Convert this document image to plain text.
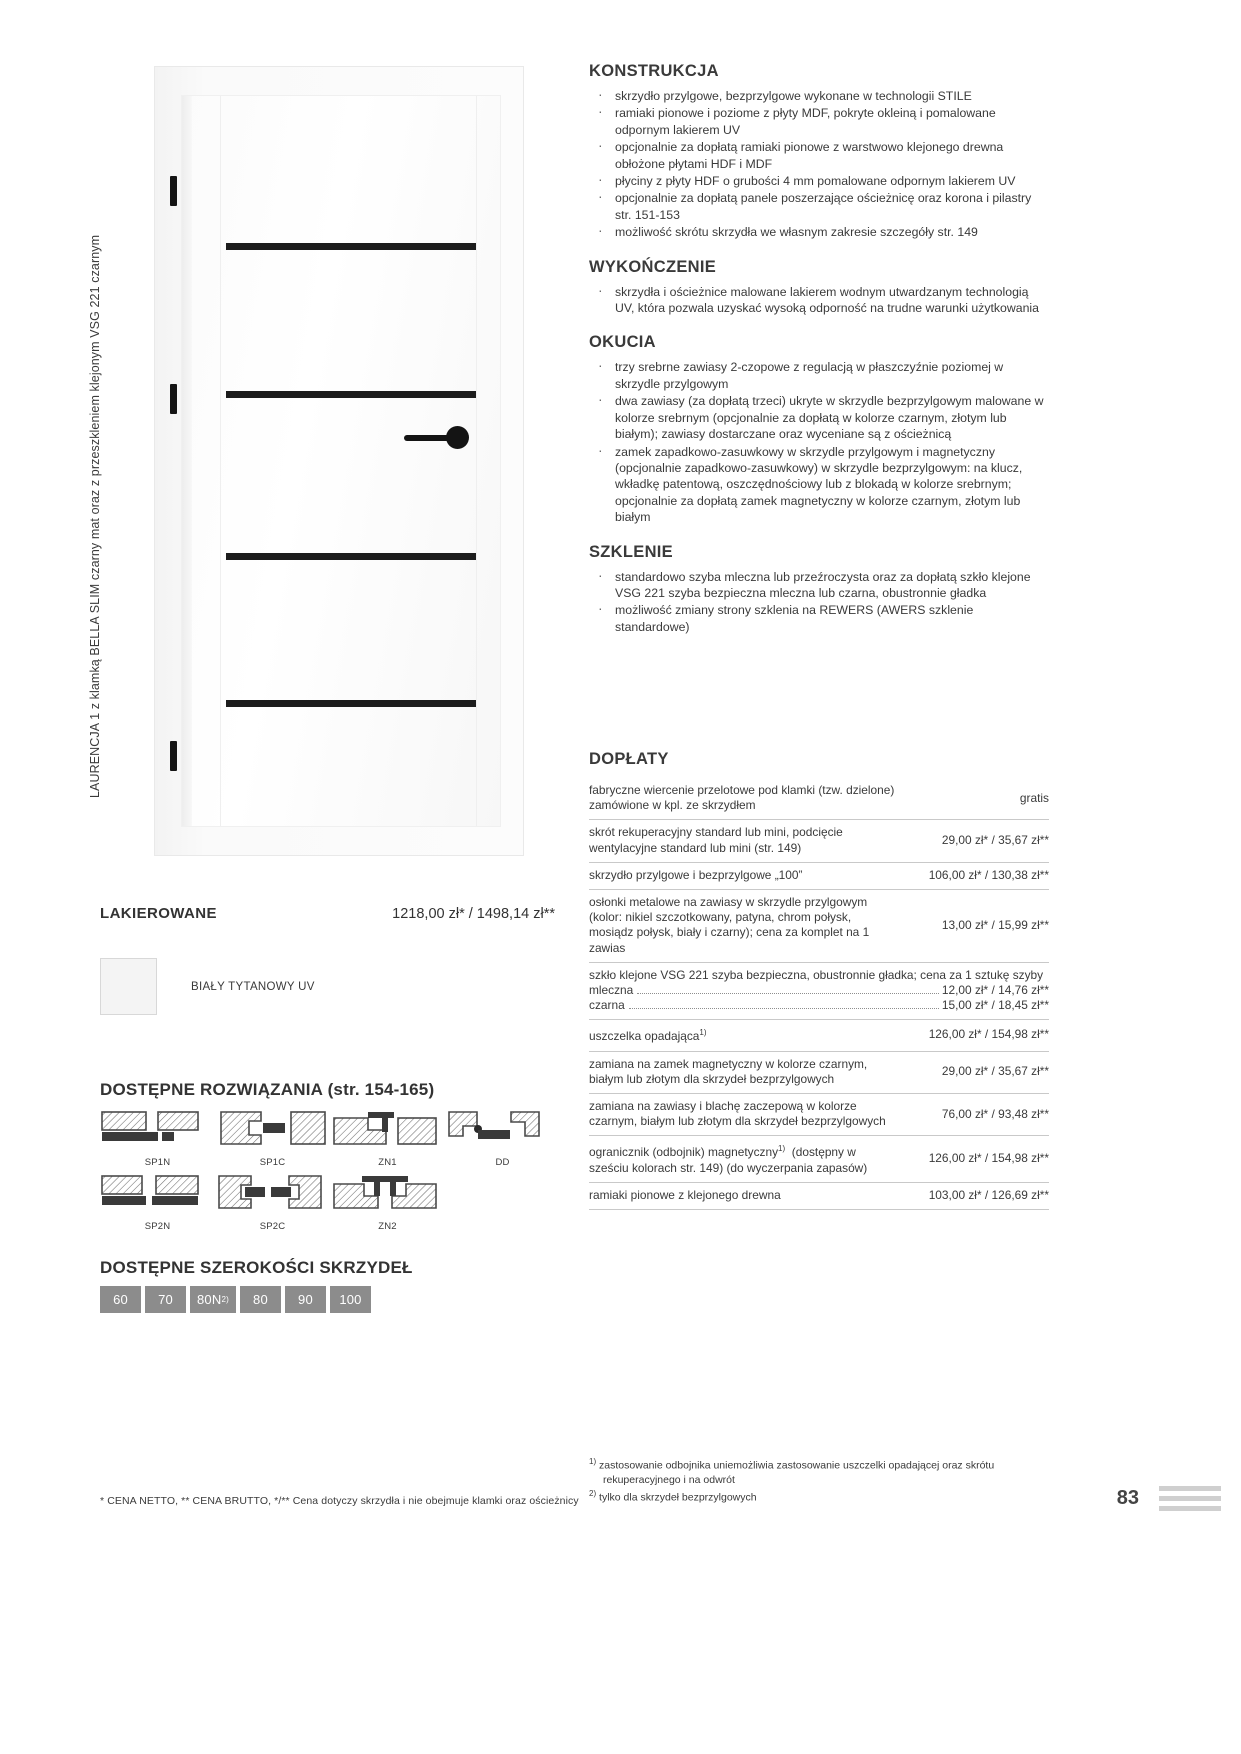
LAURENCJA 1 z klamką BELLA SLIM czarny mat oraz z przeszkleniem klejonym VSG 221 czarnym
LAKIEROWANE	1218,00 zł* / 1498,14 zł**
BIAŁY TYTANOWY UV
DOSTĘPNE ROZWIĄZANIA (str. 154-165)
SP1N	SP1C	ZN1	DD
SP2N	SP2C	ZN2
DOSTĘPNE SZEROKOŚCI SKRZYDEŁ
60 70 80N 2) 80 90 100
KONSTRUKCJA
· skrzydło przylgowe, bezprzylgowe wykonane w technologii STILE
· ramiaki pionowe i poziome z płyty MDF, pokryte okleiną i pomalowane odpornym lakierem UV
· opcjonalnie za dopłatą ramiaki pionowe z warstwowo klejonego drewna obłożone płytami HDF i MDF
· płyciny z płyty HDF o grubości 4 mm pomalowane odpornym lakierem UV
· opcjonalnie za dopłatą panele poszerzające ościeżnicę oraz korona i pilastry str. 151-153
· możliwość skrótu skrzydła we własnym zakresie szczegóły str. 149
WYKOŃCZENIE
· skrzydła i ościeżnice malowane lakierem wodnym utwardzanym technologią UV, która pozwala uzyskać wysoką odporność na trudne warunki użytkowania
OKUCIA
· trzy srebrne zawiasy 2-czopowe z regulacją w płaszczyźnie poziomej w skrzydle przylgowym
· dwa zawiasy (za dopłatą trzeci) ukryte w skrzydle bezprzylgowym malowane w kolorze srebrnym (opcjonalnie za dopłatą w kolorze czarnym, złotym lub białym); zawiasy dostarczane oraz wyceniane są z ościeżnicą
· zamek zapadkowo-zasuwkowy w skrzydle przylgowym i magnetyczny (opcjonalnie zapadkowo-zasuwkowy) w skrzydle bezprzylgowym: na klucz, wkładkę patentową, oszczędnościowy lub z blokadą w kolorze srebrnym; opcjonalnie za dopłatą zamek magnetyczny w kolorze czarnym, złotym lub białym
SZKLENIE
· standardowo szyba mleczna lub przeźroczysta oraz za dopłatą szkło klejone VSG 221 szyba bezpieczna mleczna lub czarna, obustronnie gładka
· możliwość zmiany strony szklenia na REWERS (AWERS szklenie standardowe)
DOPŁATY
fabryczne wiercenie przelotowe pod klamki (tzw. dzielone) zamówione w kpl. ze skrzydłem	gratis
skrót rekuperacyjny standard lub mini, podcięcie wentylacyjne standard lub mini (str. 149)	29,00 zł* / 35,67 zł**
skrzydło przylgowe i bezprzylgowe „100”	106,00 zł* / 130,38 zł**
osłonki metalowe na zawiasy w skrzydle przylgowym (kolor: nikiel szczotkowany, patyna, chrom połysk, mosiądz połysk, biały i czarny); cena za komplet na 1 zawias	13,00 zł* / 15,99 zł**

szkło klejone VSG 221 szyba bezpieczna, obustronnie gładka; cena za 1 sztukę szyby
mleczna 12,00 zł* / 14,76 zł**
czarna 15,00 zł* / 18,45 zł**	

uszczelka opadająca$^{1)}$	126,00 zł* / 154,98 zł**
zamiana na zamek magnetyczny w kolorze czarnym, białym lub złotym dla skrzydeł bezprzylgowych	29,00 zł* / 35,67 zł**
zamiana na zawiasy i blachę zaczepową w kolorze czarnym, białym lub złotym dla skrzydeł bezprzylgowych	76,00 zł* / 93,48 zł**
ogranicznik (odbojnik) magnetyczny$^{1)}$ (dostępny w sześciu kolorach str. 149) (do wyczerpania zapasów)	126,00 zł* / 154,98 zł**
ramiaki pionowe z klejonego drewna	103,00 zł* / 126,69 zł**
$^{1)}$ zastosowanie odbojnika uniemożliwia zastosowanie uszczelki opadającej oraz skrótu
rekuperacyjnego i na odwrót
$^{2)}$ tylko dla skrzydeł bezprzylgowych
* CENA NETTO, ** CENA BRUTTO, */** Cena dotyczy skrzydła i nie obejmuje klamki oraz ościeżnicy	83
